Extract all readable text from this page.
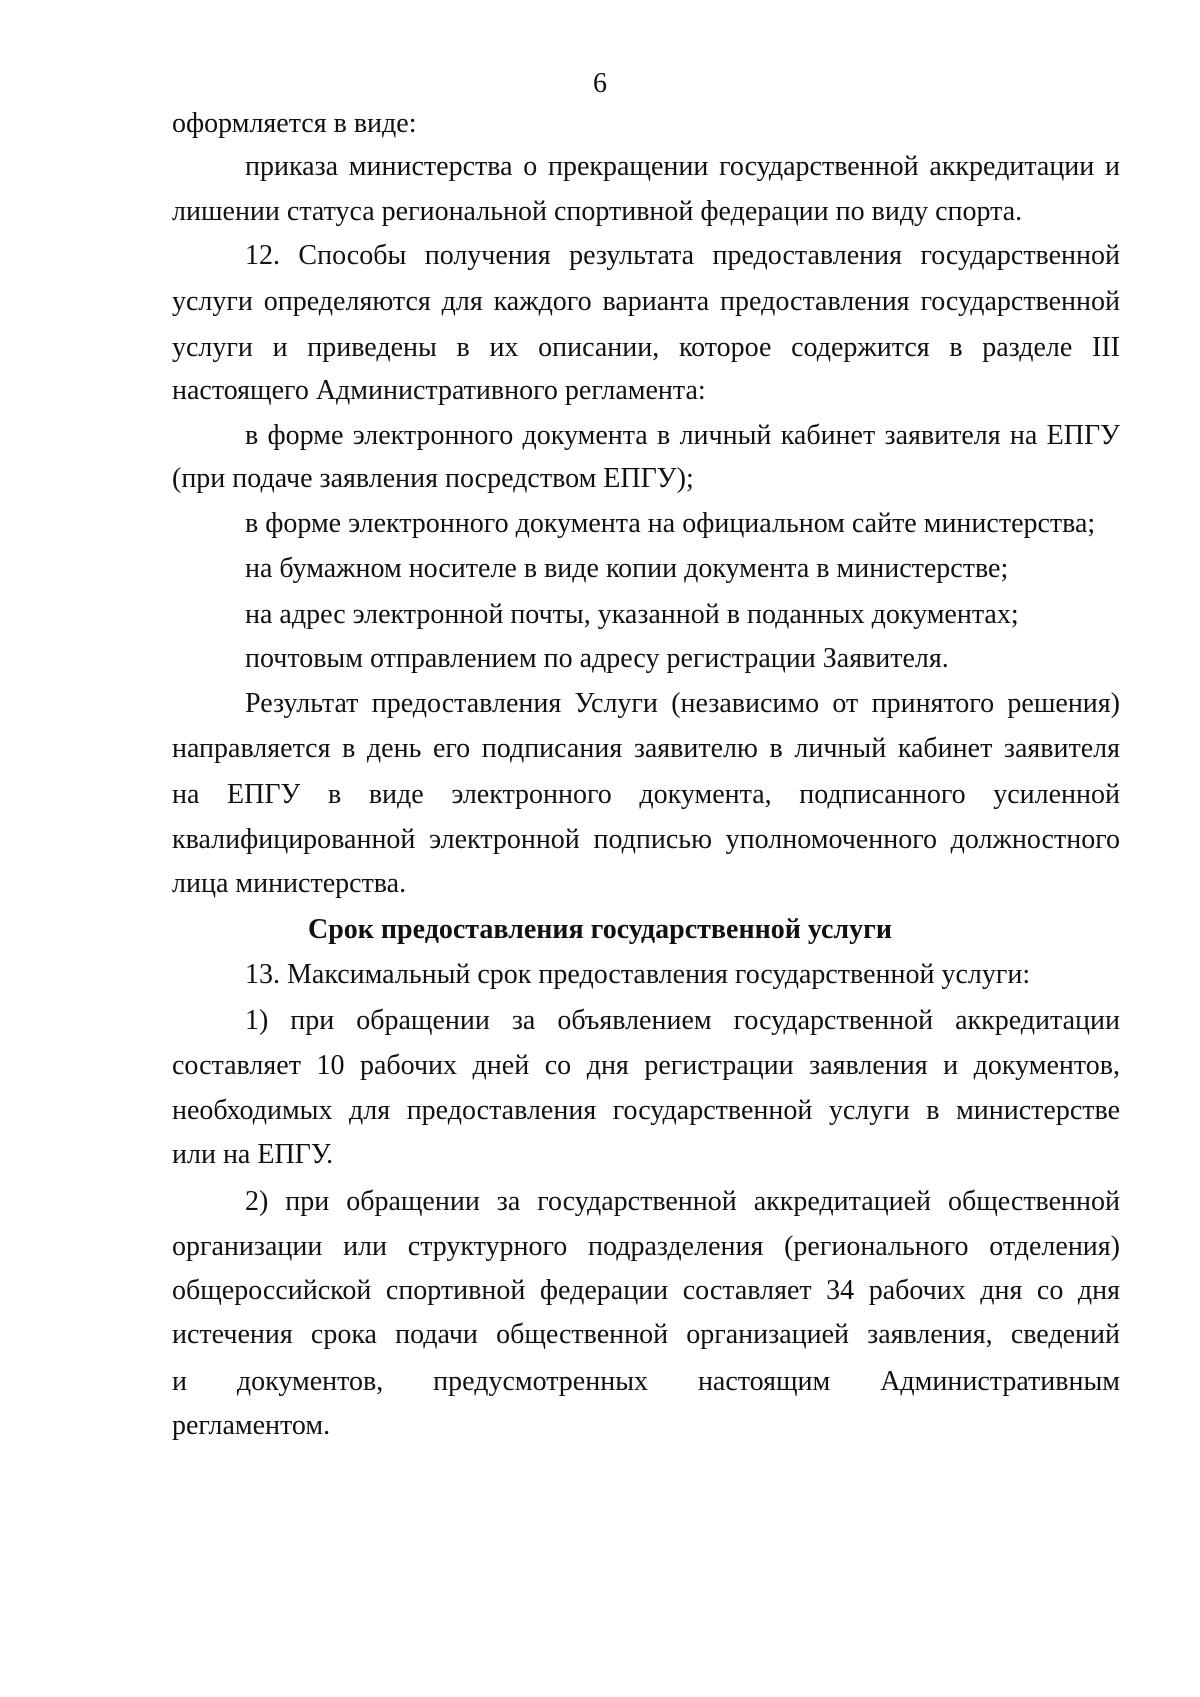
6
оформляется в виде:
приказа министерства о прекращении государственной аккредитации и
лишении статуса региональной спортивной федерации по виду спорта.
12. Способы получения результата предоставления государственной
услуги определяются для каждого варианта предоставления государственной
услуги и приведены в их описании, которое содержится в разделе III
настоящего Административного регламента:
в форме электронного документа в личный кабинет заявителя на ЕПГУ
(при подаче заявления посредством ЕПГУ);
в форме электронного документа на официальном сайте министерства;
на бумажном носителе в виде копии документа в министерстве;
на адрес электронной почты, указанной в поданных документах;
почтовым отправлением по адресу регистрации Заявителя.
Результат предоставления Услуги (независимо от принятого решения)
направляется в день его подписания заявителю в личный кабинет заявителя
на ЕПГУ в виде электронного документа, подписанного усиленной
квалифицированной электронной подписью уполномоченного должностного
лица министерства.
Срок предоставления государственной услуги
13. Максимальный срок предоставления государственной услуги:
1) при обращении за объявлением государственной аккредитации
составляет 10 рабочих дней со дня регистрации заявления и документов,
необходимых для предоставления государственной услуги в министерстве
или на ЕПГУ.
2) при обращении за государственной аккредитацией общественной
организации или структурного подразделения (регионального отделения)
общероссийской спортивной федерации составляет 34 рабочих дня со дня
истечения срока подачи общественной организацией заявления, сведений
и документов, предусмотренных настоящим Административным
регламентом.
